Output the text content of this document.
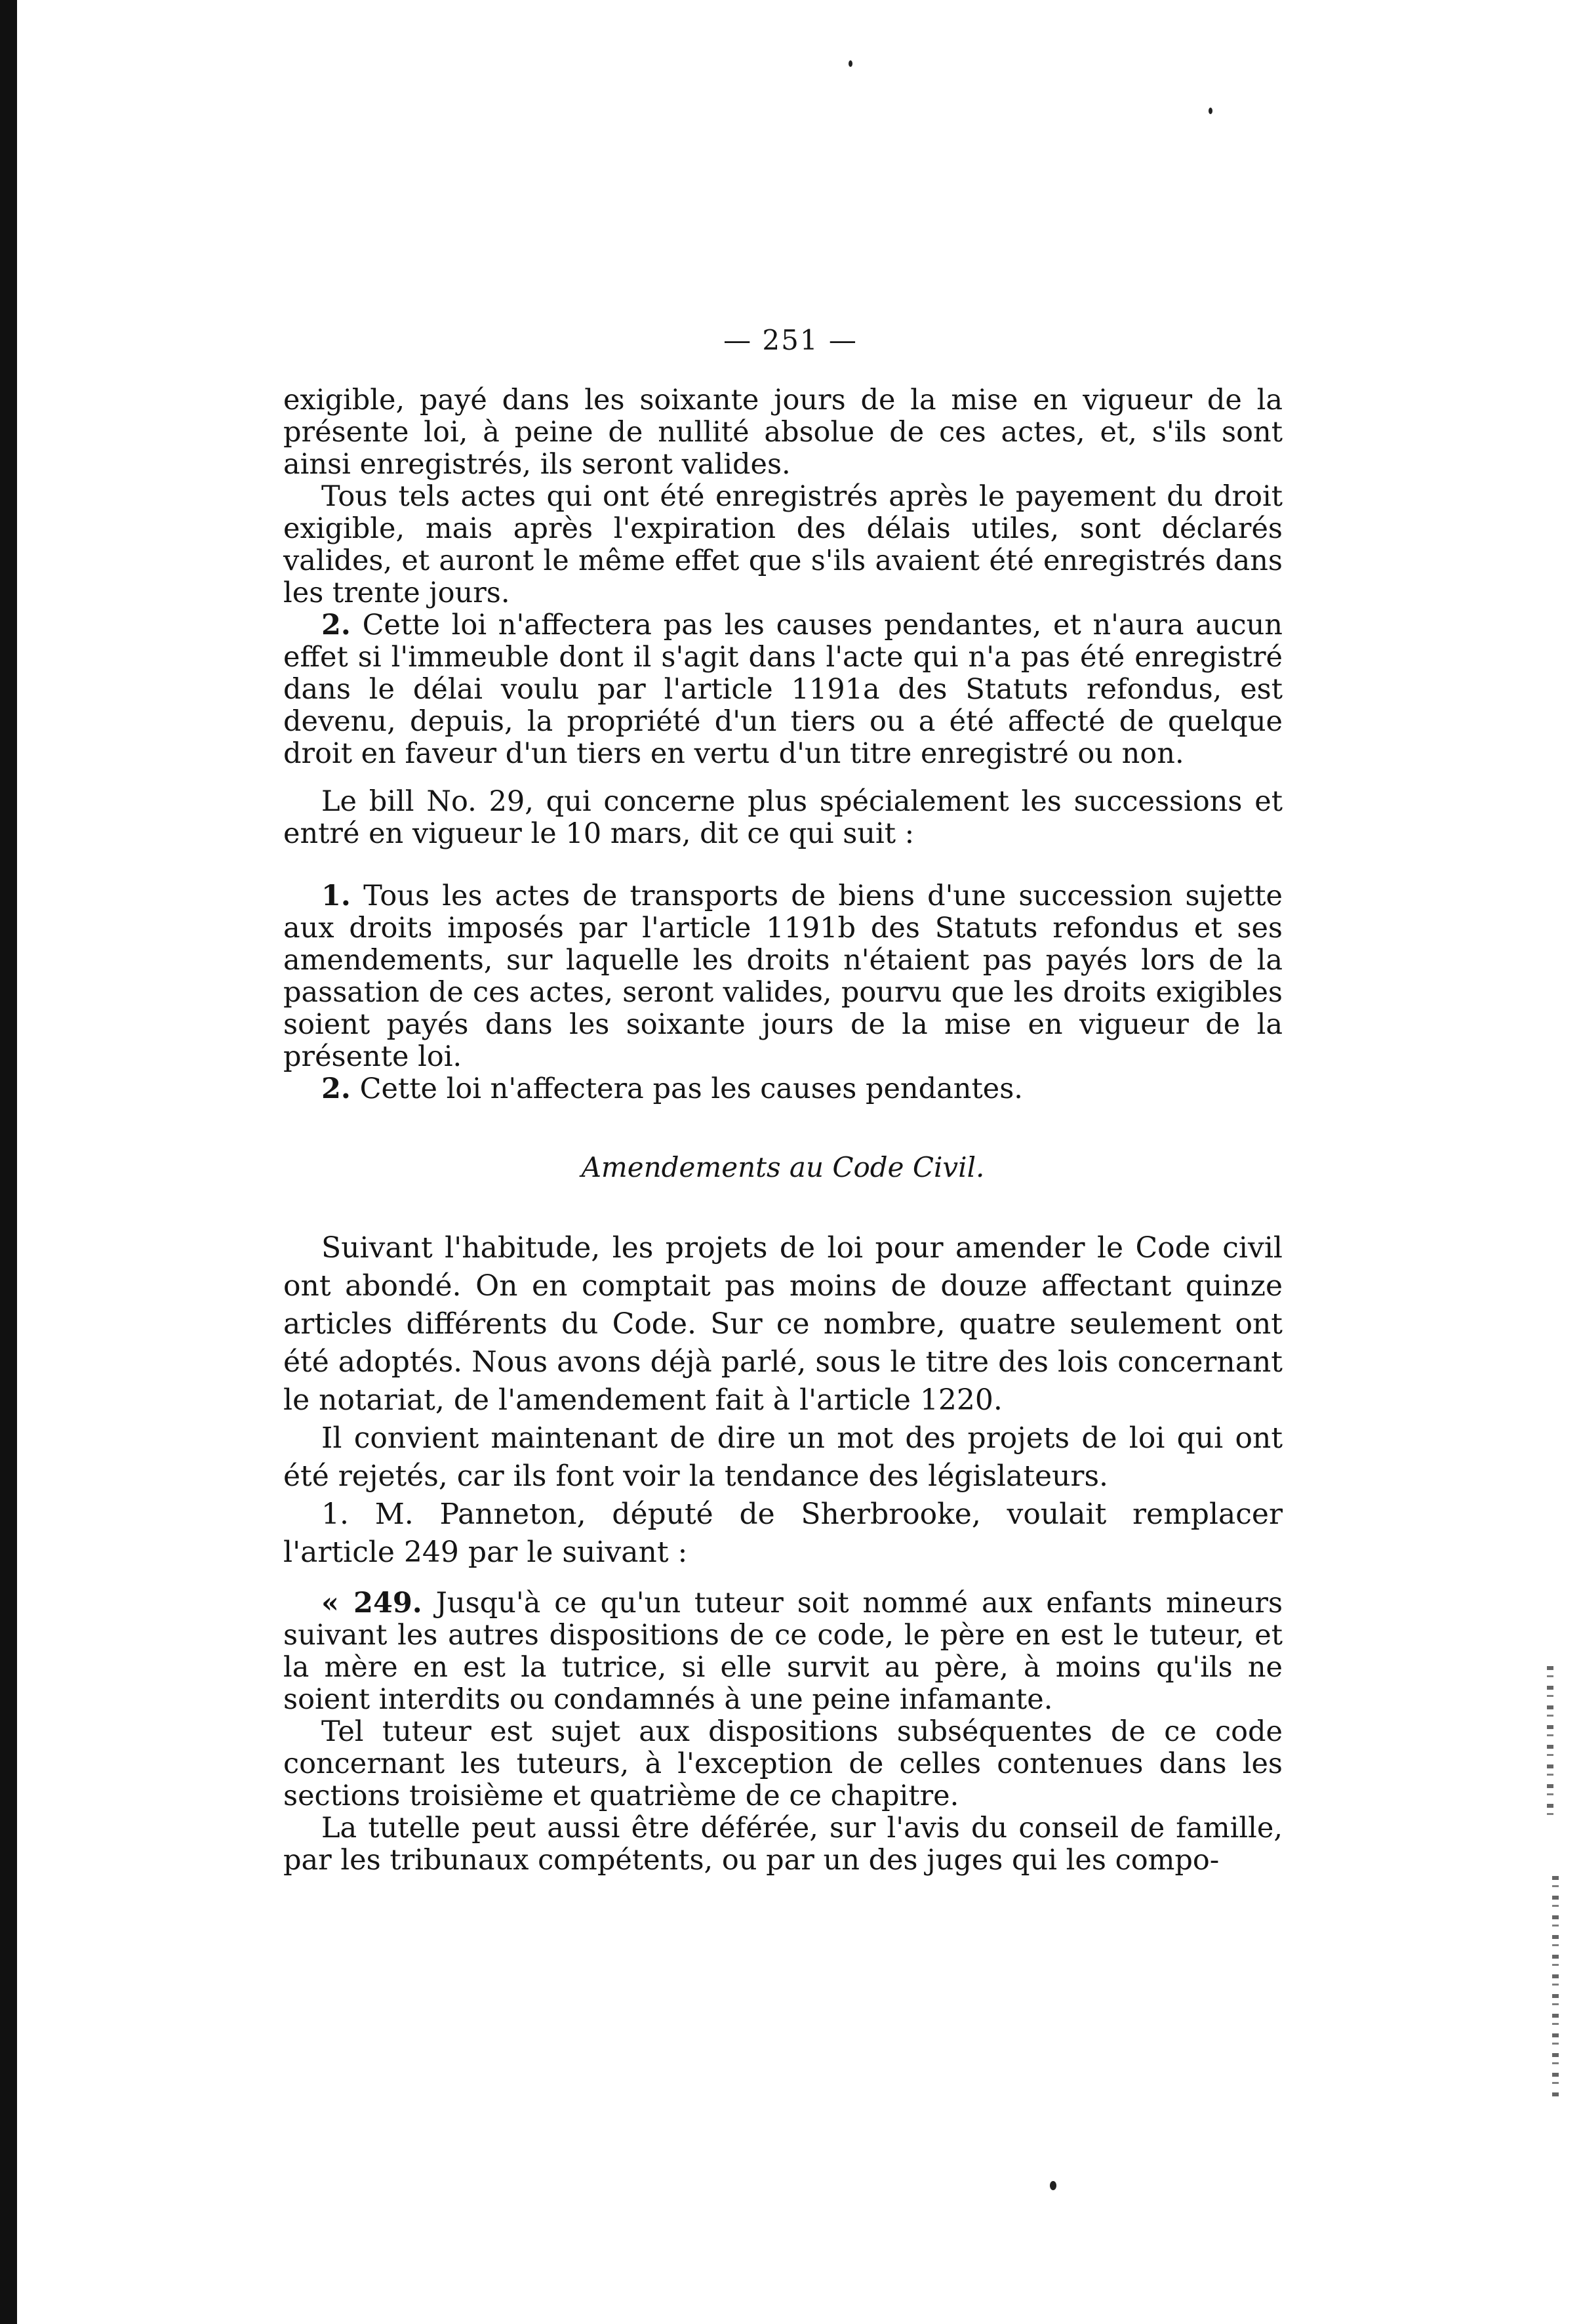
— 251 —

exigible, payé dans les soixante jours de la mise en vigueur de la présente loi, à peine de nullité absolue de ces actes, et, s'ils sont ainsi enregistrés, ils seront valides.

Tous tels actes qui ont été enregistrés après le payement du droit exigible, mais après l'expiration des délais utiles, sont déclarés valides, et auront le même effet que s'ils avaient été enregistrés dans les trente jours.

2. Cette loi n'affectera pas les causes pendantes, et n'aura aucun effet si l'immeuble dont il s'agit dans l'acte qui n'a pas été enregistré dans le délai voulu par l'article 1191a des Statuts refondus, est devenu, depuis, la propriété d'un tiers ou a été affecté de quelque droit en faveur d'un tiers en vertu d'un titre enregistré ou non.

Le bill No. 29, qui concerne plus spécialement les successions et entré en vigueur le 10 mars, dit ce qui suit :

1. Tous les actes de transports de biens d'une succession sujette aux droits imposés par l'article 1191b des Statuts refondus et ses amendements, sur laquelle les droits n'étaient pas payés lors de la passation de ces actes, seront valides, pourvu que les droits exigibles soient payés dans les soixante jours de la mise en vigueur de la présente loi.

2. Cette loi n'affectera pas les causes pendantes.

Amendements au Code Civil.

Suivant l'habitude, les projets de loi pour amender le Code civil ont abondé. On en comptait pas moins de douze affectant quinze articles différents du Code. Sur ce nombre, quatre seulement ont été adoptés. Nous avons déjà parlé, sous le titre des lois concernant le notariat, de l'amendement fait à l'article 1220.

Il convient maintenant de dire un mot des projets de loi qui ont été rejetés, car ils font voir la tendance des législateurs.

1. M. Panneton, député de Sherbrooke, voulait remplacer l'article 249 par le suivant :

« 249. Jusqu'à ce qu'un tuteur soit nommé aux enfants mineurs suivant les autres dispositions de ce code, le père en est le tuteur, et la mère en est la tutrice, si elle survit au père, à moins qu'ils ne soient interdits ou condamnés à une peine infamante.

Tel tuteur est sujet aux dispositions subséquentes de ce code concernant les tuteurs, à l'exception de celles contenues dans les sections troisième et quatrième de ce chapitre.

La tutelle peut aussi être déférée, sur l'avis du conseil de famille, par les tribunaux compétents, ou par un des juges qui les compo-
